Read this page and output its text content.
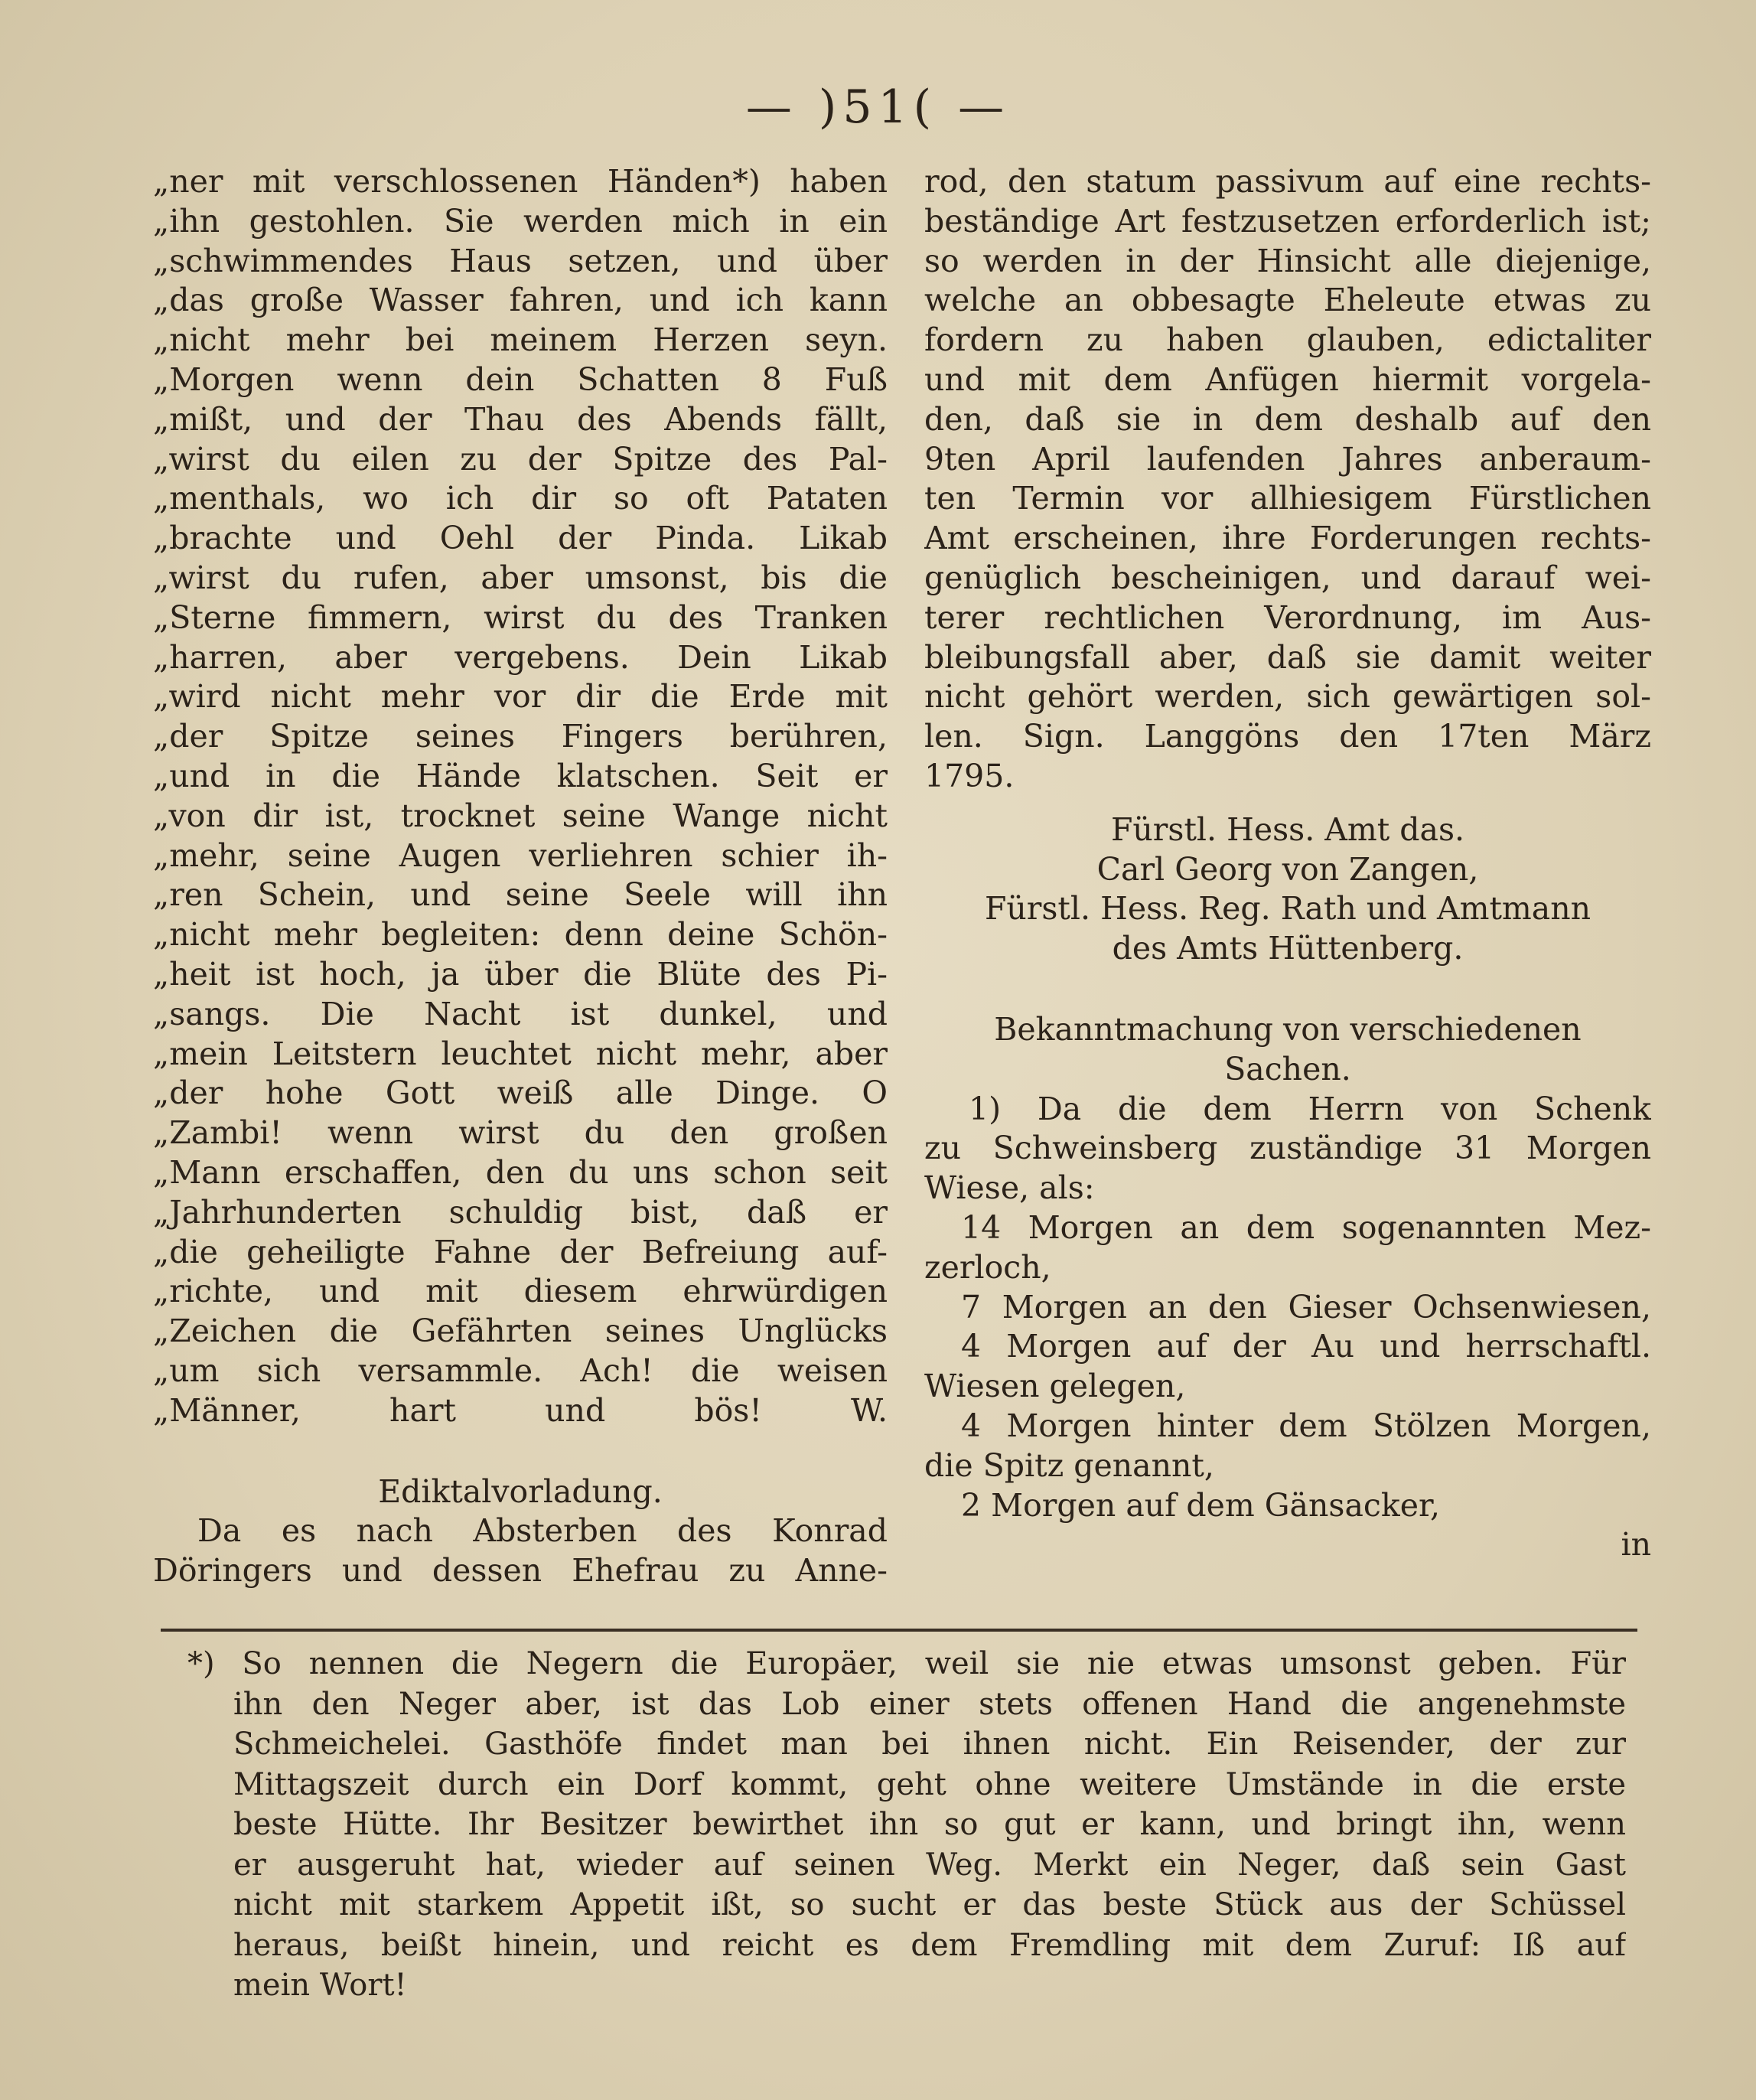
— )51( —
„ner mit verschlossenen Händen*) haben
„ihn gestohlen. Sie werden mich in ein
„schwimmendes Haus setzen, und über
„das große Wasser fahren, und ich kann
„nicht mehr bei meinem Herzen seyn.
„Morgen wenn dein Schatten 8 Fuß
„mißt, und der Thau des Abends fällt,
„wirst du eilen zu der Spitze des Pal-
„menthals, wo ich dir so oft Pataten
„brachte und Oehl der Pinda. Likab
„wirst du rufen, aber umsonst, bis die
„Sterne fimmern, wirst du des Tranken
„harren, aber vergebens. Dein Likab
„wird nicht mehr vor dir die Erde mit
„der Spitze seines Fingers berühren,
„und in die Hände klatschen. Seit er
„von dir ist, trocknet seine Wange nicht
„mehr, seine Augen verliehren schier ih-
„ren Schein, und seine Seele will ihn
„nicht mehr begleiten: denn deine Schön-
„heit ist hoch, ja über die Blüte des Pi-
„sangs. Die Nacht ist dunkel, und
„mein Leitstern leuchtet nicht mehr, aber
„der hohe Gott weiß alle Dinge. O
„Zambi! wenn wirst du den großen
„Mann erschaffen, den du uns schon seit
„Jahrhunderten schuldig bist, daß er
„die geheiligte Fahne der Befreiung auf-
„richte, und mit diesem ehrwürdigen
„Zeichen die Gefährten seines Unglücks
„um sich versammle. Ach! die weisen
„Männer, hart und bös! W.
Ediktalvorladung.
Da es nach Absterben des Konrad
Döringers und dessen Ehefrau zu Anne-
rod, den statum passivum auf eine rechts-
beständige Art festzusetzen erforderlich ist;
so werden in der Hinsicht alle diejenige,
welche an obbesagte Eheleute etwas zu
fordern zu haben glauben, edictaliter
und mit dem Anfügen hiermit vorgela-
den, daß sie in dem deshalb auf den
9ten April laufenden Jahres anberaum-
ten Termin vor allhiesigem Fürstlichen
Amt erscheinen, ihre Forderungen rechts-
genüglich bescheinigen, und darauf wei-
terer rechtlichen Verordnung, im Aus-
bleibungsfall aber, daß sie damit weiter
nicht gehört werden, sich gewärtigen sol-
len. Sign. Langgöns den 17ten März
1795.
Fürstl. Hess. Amt das.
Carl Georg von Zangen,
Fürstl. Hess. Reg. Rath und Amtmann
des Amts Hüttenberg.
Bekanntmachung von verschiedenen
Sachen.
1) Da die dem Herrn von Schenk
zu Schweinsberg zuständige 31 Morgen
Wiese, als:
14 Morgen an dem sogenannten Mez-
zerloch,
7 Morgen an den Gieser Ochsenwiesen,
4 Morgen auf der Au und herrschaftl.
Wiesen gelegen,
4 Morgen hinter dem Stölzen Morgen,
die Spitz genannt,
2 Morgen auf dem Gänsacker,
in
*) So nennen die Negern die Europäer, weil sie nie etwas umsonst geben. Für
ihn den Neger aber, ist das Lob einer stets offenen Hand die angenehmste
Schmeichelei. Gasthöfe findet man bei ihnen nicht. Ein Reisender, der zur
Mittagszeit durch ein Dorf kommt, geht ohne weitere Umstände in die erste
beste Hütte. Ihr Besitzer bewirthet ihn so gut er kann, und bringt ihn, wenn
er ausgeruht hat, wieder auf seinen Weg. Merkt ein Neger, daß sein Gast
nicht mit starkem Appetit ißt, so sucht er das beste Stück aus der Schüssel
heraus, beißt hinein, und reicht es dem Fremdling mit dem Zuruf: Iß auf
mein Wort!
